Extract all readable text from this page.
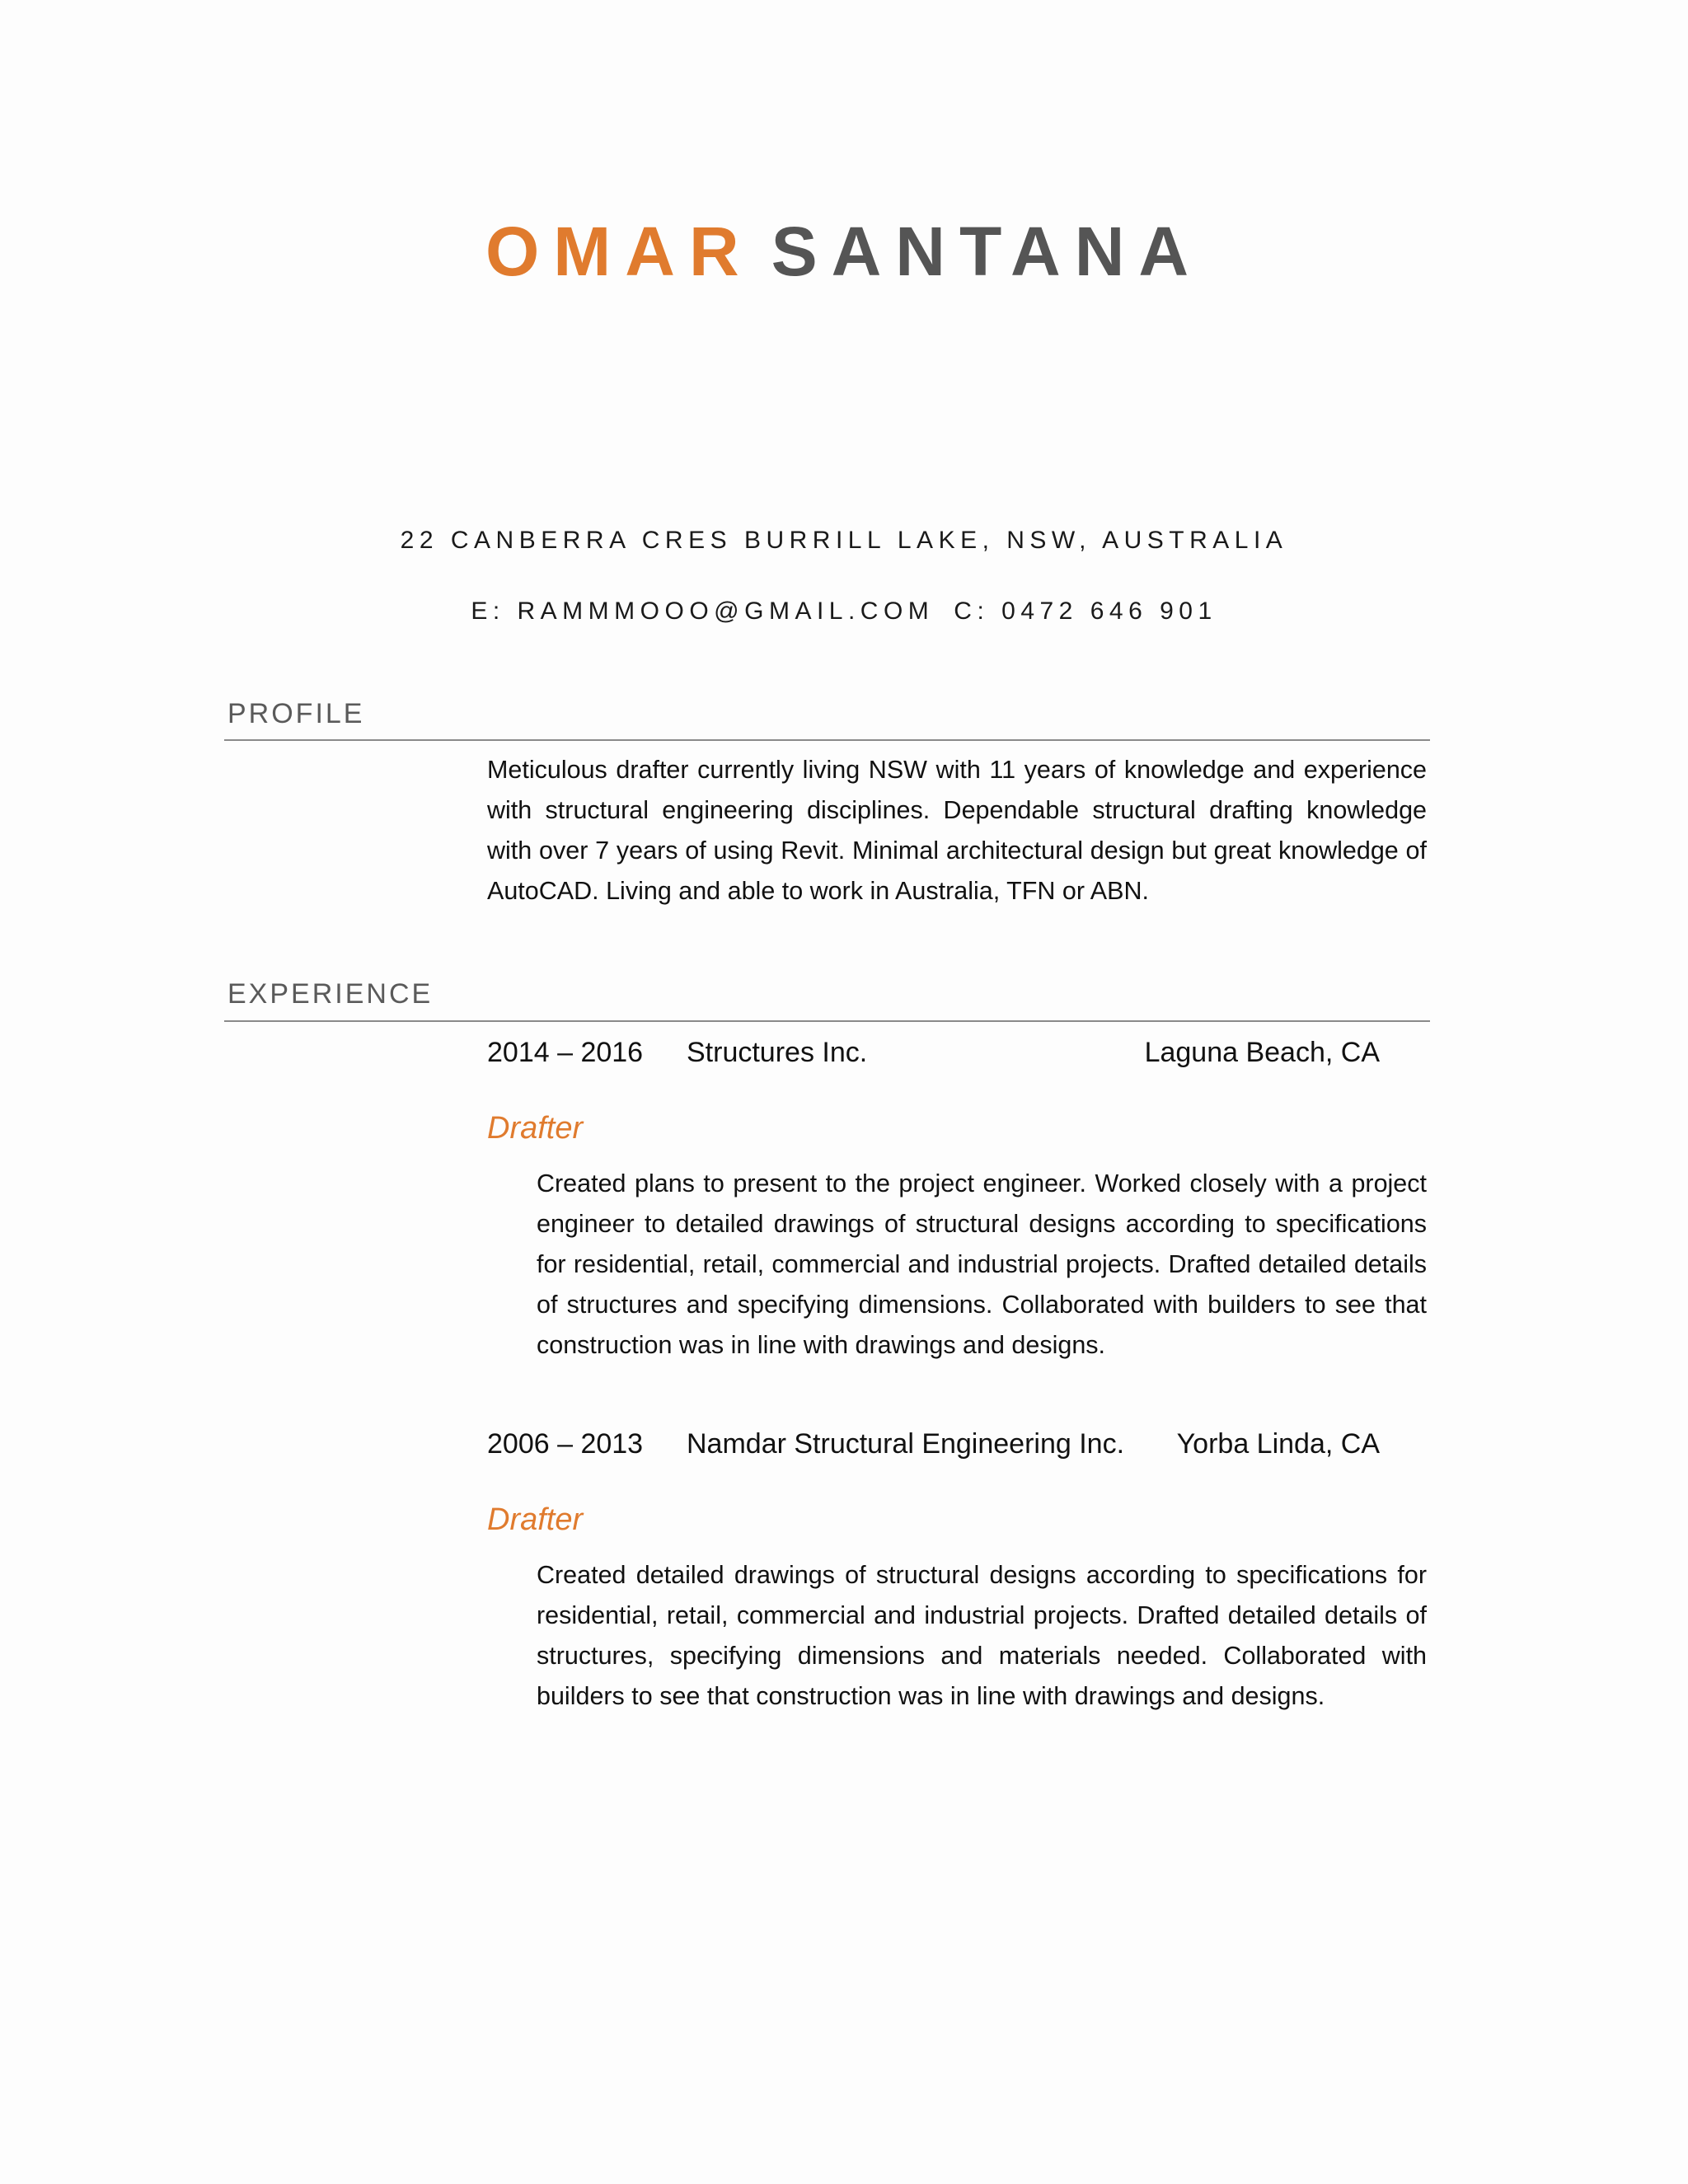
OMAR SANTANA
22 CANBERRA CRES BURRILL LAKE, NSW, AUSTRALIA
E: RAMMMOOO@GMAIL.COM C: 0472 646 901
PROFILE
Meticulous drafter currently living NSW with 11 years of knowledge and experience with structural engineering disciplines. Dependable structural drafting knowledge with over 7 years of using Revit. Minimal architectural design but great knowledge of AutoCAD. Living and able to work in Australia, TFN or ABN.
EXPERIENCE
2014 – 2016 Structures Inc.	Laguna Beach, CA
Drafter
Created plans to present to the project engineer. Worked closely with a project engineer to detailed drawings of structural designs according to specifications for residential, retail, commercial and industrial projects. Drafted detailed details of structures and specifying dimensions. Collaborated with builders to see that construction was in line with drawings and designs.
2006 – 2013 Namdar Structural Engineering Inc. Yorba Linda, CA
Drafter
Created detailed drawings of structural designs according to specifications for residential, retail, commercial and industrial projects. Drafted detailed details of structures, specifying dimensions and materials needed. Collaborated with builders to see that construction was in line with drawings and designs.
